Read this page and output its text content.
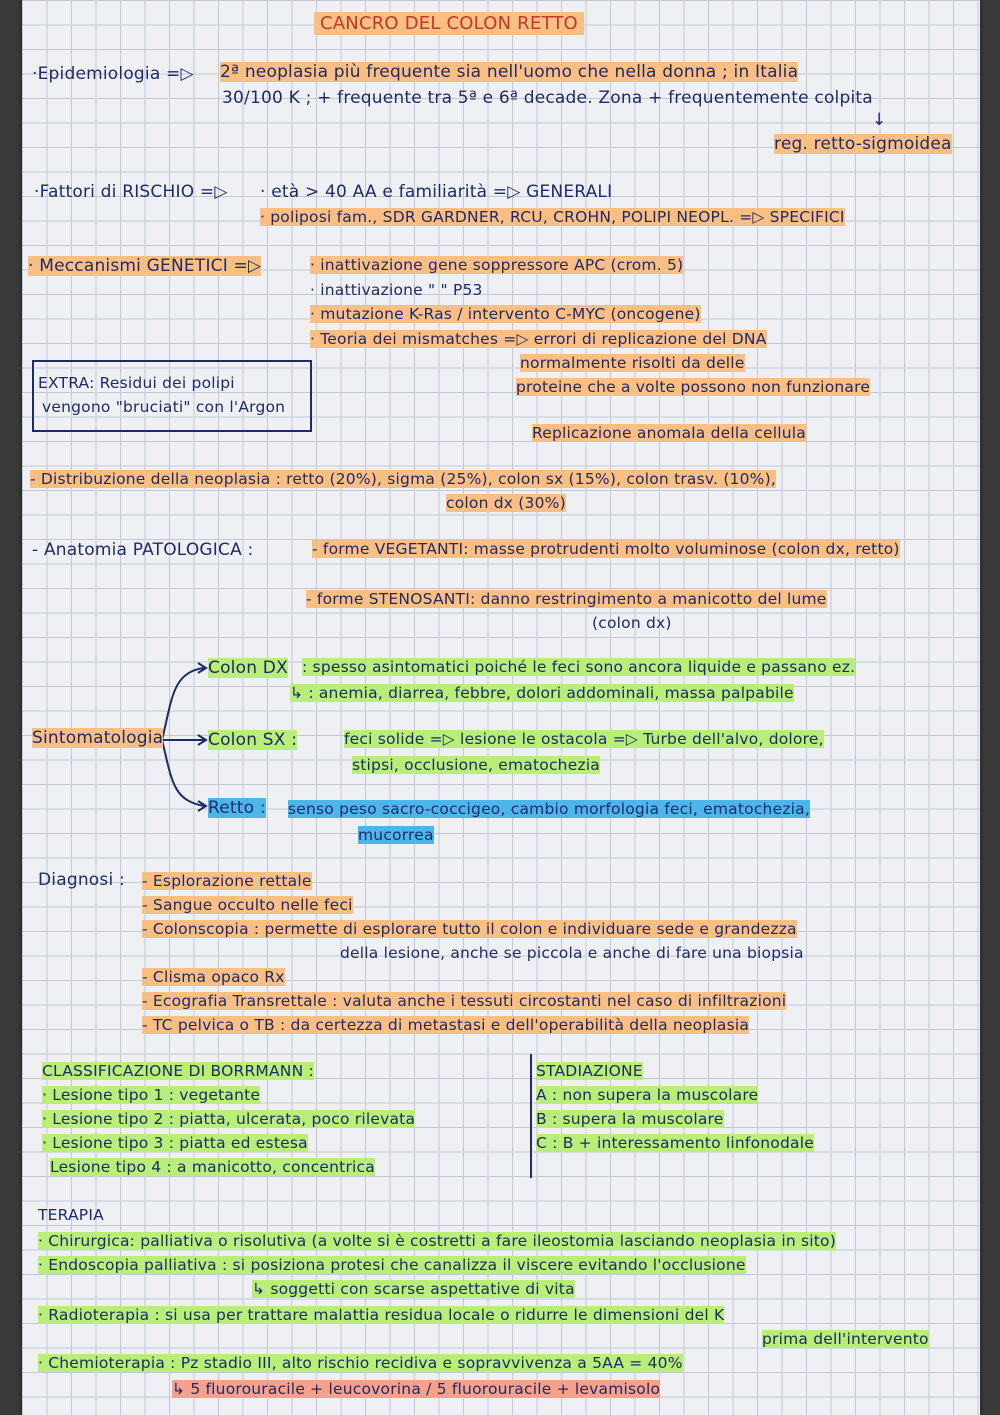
CANCRO DEL COLON RETTO
·Epidemiologia =▷ 2ª neoplasia più frequente sia nell'uomo che nella donna ; in Italia
30/100 K ; + frequente tra 5ª e 6ª decade. Zona + frequentemente colpita
↓
reg. retto-sigmoidea
·Fattori di RISCHIO =▷ · età > 40 AA e familiarità =▷ GENERALI
· poliposi fam., SDR GARDNER, RCU, CROHN, POLIPI NEOPL. =▷ SPECIFICI
· Meccanismi GENETICI =▷	· inattivazione gene soppressore APC (crom. 5)
· inattivazione " " P53
· mutazione K-Ras / intervento C-MYC (oncogene)
· Teoria dei mismatches =▷ errori di replicazione del DNA
normalmente risolti da delle
proteine che a volte possono non funzionare
Replicazione anomala della cellula
EXTRA: Residui dei polipi
vengono "bruciati" con l'Argon
- Distribuzione della neoplasia : retto (20%), sigma (25%), colon sx (15%), colon trasv. (10%),
colon dx (30%)
- Anatomia PATOLOGICA :	- forme VEGETANTI: masse protrudenti molto voluminose (colon dx, retto)
- forme STENOSANTI: danno restringimento a manicotto del lume
(colon dx)
Sintomatologia
Colon DX : spesso asintomatici poiché le feci sono ancora liquide e passano ez.
↳ : anemia, diarrea, febbre, dolori addominali, massa palpabile
Colon SX :	feci solide =▷ lesione le ostacola =▷ Turbe dell'alvo, dolore,
stipsi, occlusione, ematochezia
Retto : senso peso sacro-coccigeo, cambio morfologia feci, ematochezia,
mucorrea
Diagnosi : - Esplorazione rettale
- Sangue occulto nelle feci
- Colonscopia : permette di esplorare tutto il colon e individuare sede e grandezza
della lesione, anche se piccola e anche di fare una biopsia
- Clisma opaco Rx
- Ecografia Transrettale : valuta anche i tessuti circostanti nel caso di infiltrazioni
- TC pelvica o TB : da certezza di metastasi e dell'operabilità della neoplasia
CLASSIFICAZIONE DI BORRMANN :
· Lesione tipo 1 : vegetante
· Lesione tipo 2 : piatta, ulcerata, poco rilevata
· Lesione tipo 3 : piatta ed estesa
Lesione tipo 4 : a manicotto, concentrica
STADIAZIONE
A : non supera la muscolare
B : supera la muscolare
C : B + interessamento linfonodale
TERAPIA
· Chirurgica: palliativa o risolutiva (a volte si è costretti a fare ileostomia lasciando neoplasia in sito)
· Endoscopia palliativa : si posiziona protesi che canalizza il viscere evitando l'occlusione
↳ soggetti con scarse aspettative di vita
· Radioterapia : si usa per trattare malattia residua locale o ridurre le dimensioni del K
prima dell'intervento
· Chemioterapia : Pz stadio III, alto rischio recidiva e sopravvivenza a 5AA = 40%
↳ 5 fluorouracile + leucovorina / 5 fluorouracile + levamisolo
